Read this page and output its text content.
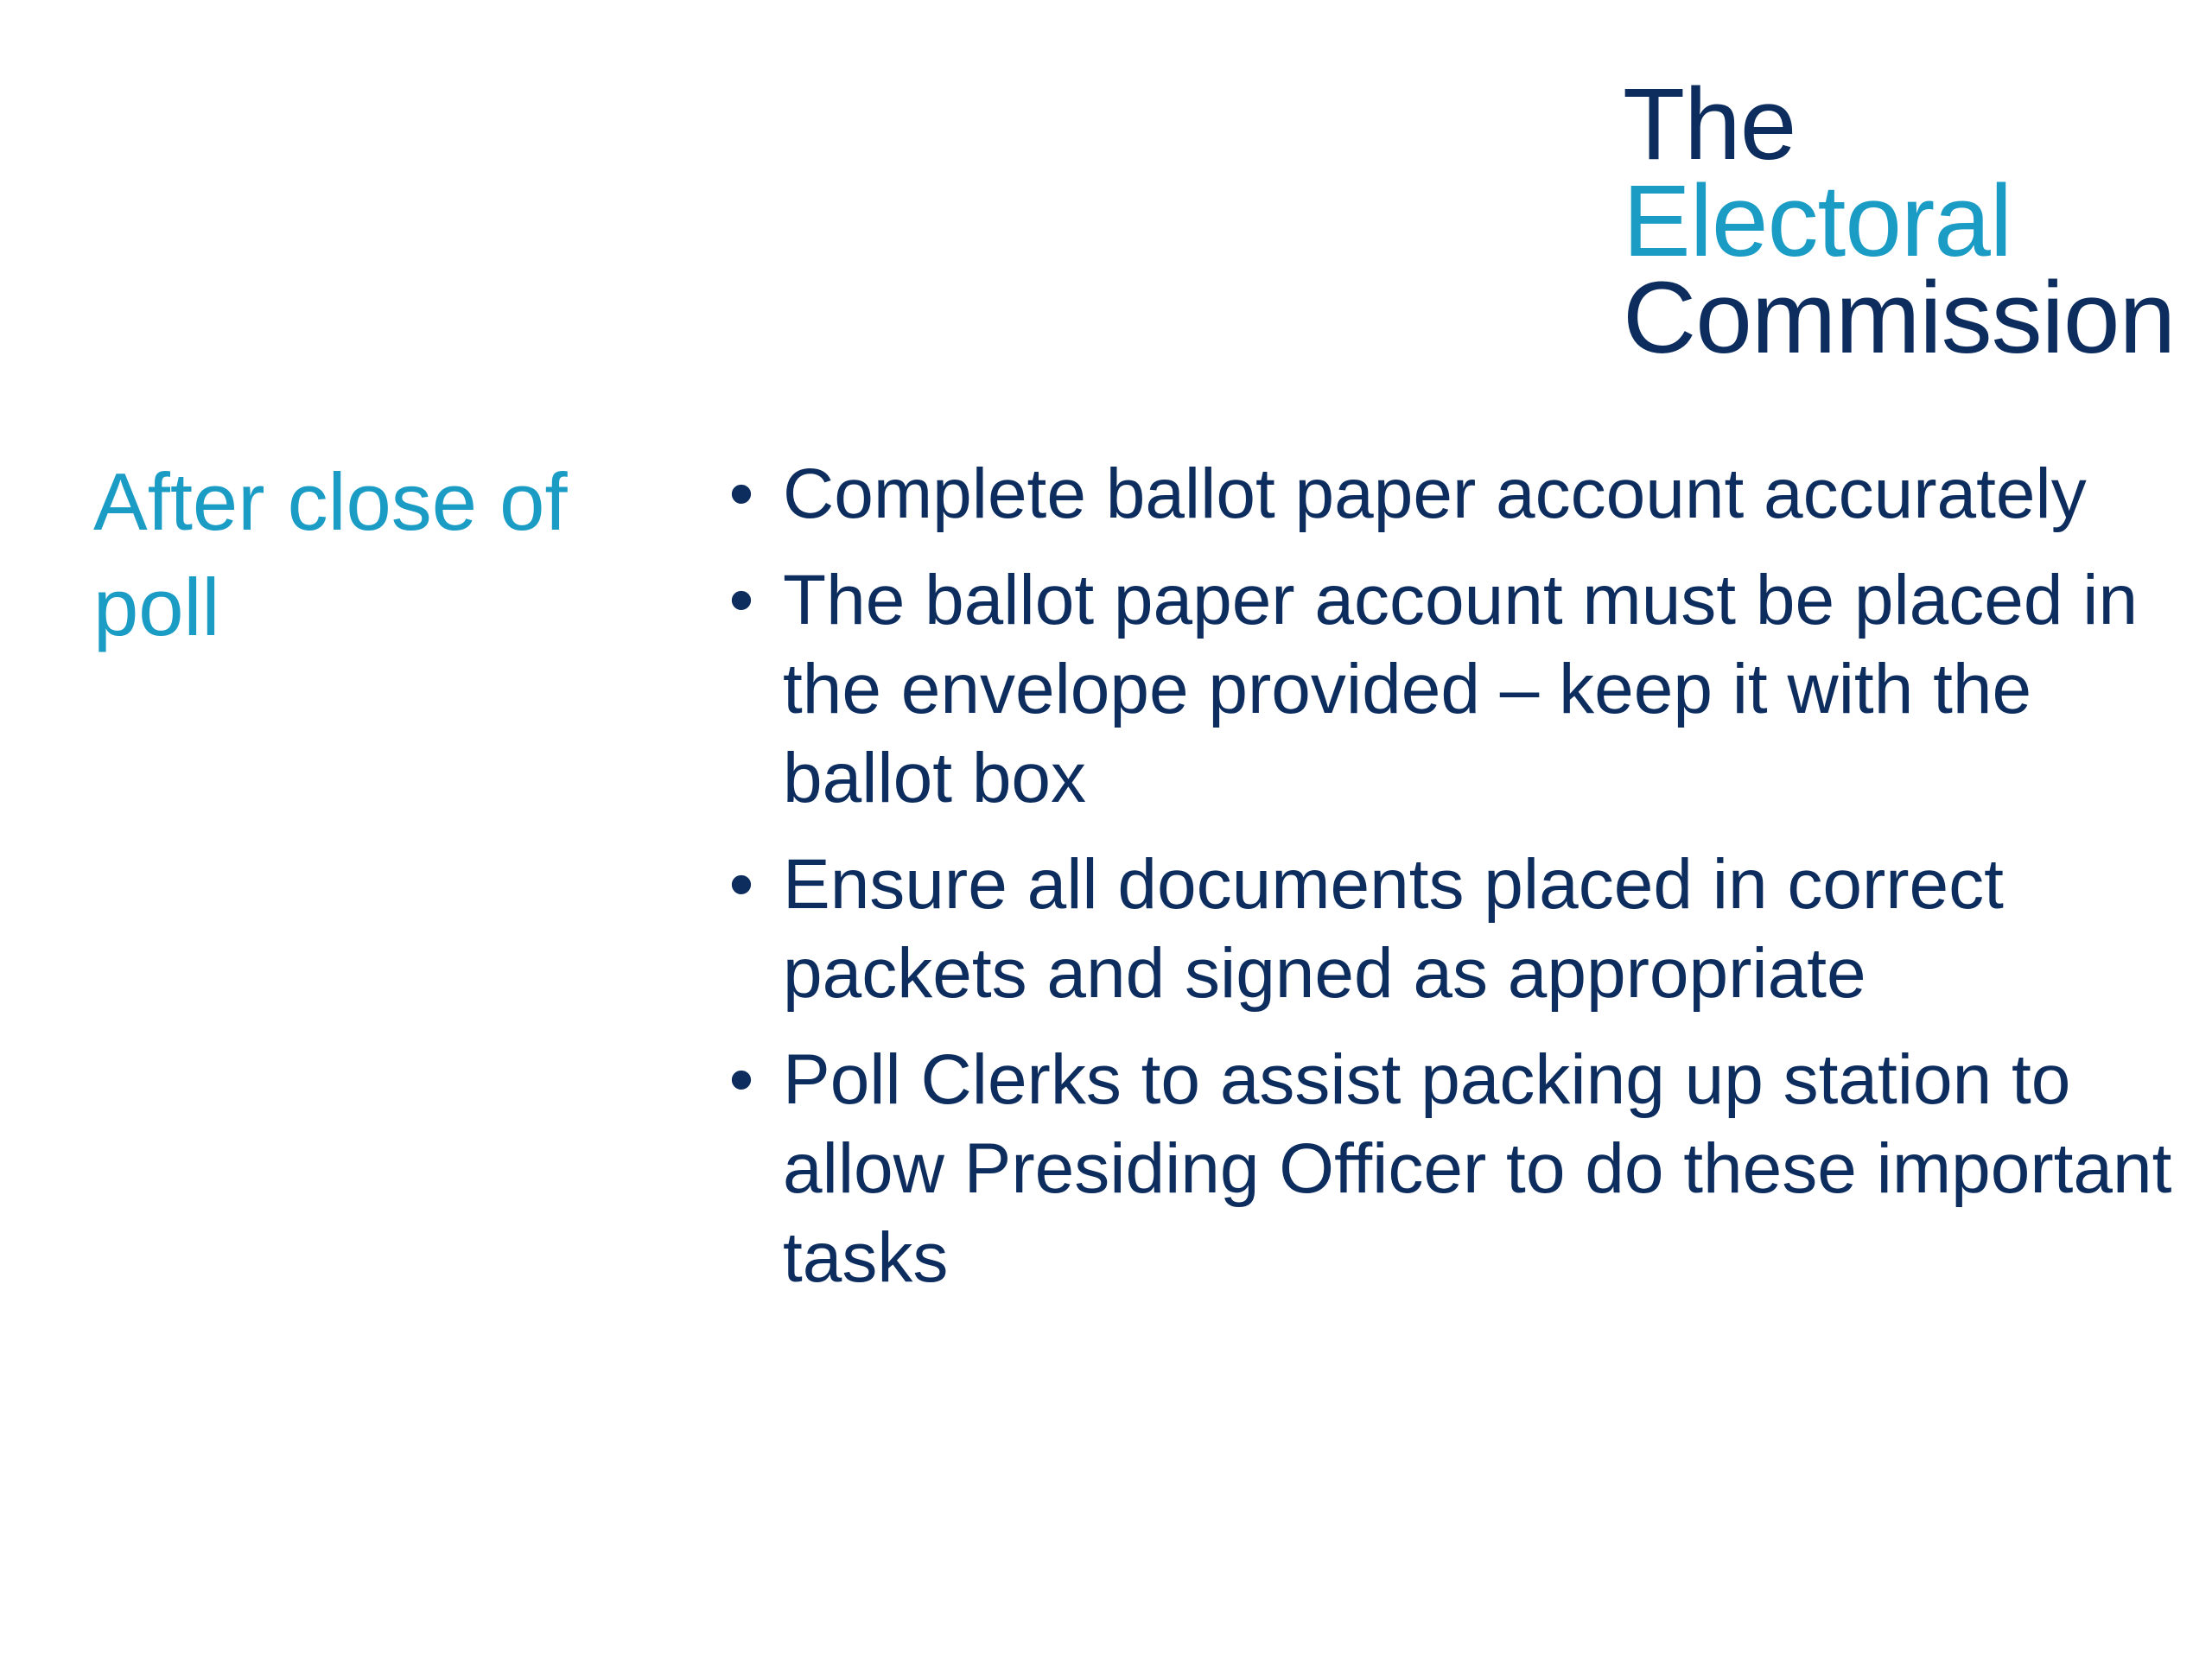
The
Electoral
Commission
After close of poll
• Complete ballot paper account accurately
• The ballot paper account must be placed in the envelope provided – keep it with the ballot box
• Ensure all documents placed in correct packets and signed as appropriate
• Poll Clerks to assist packing up station to allow Presiding Officer to do these important tasks
